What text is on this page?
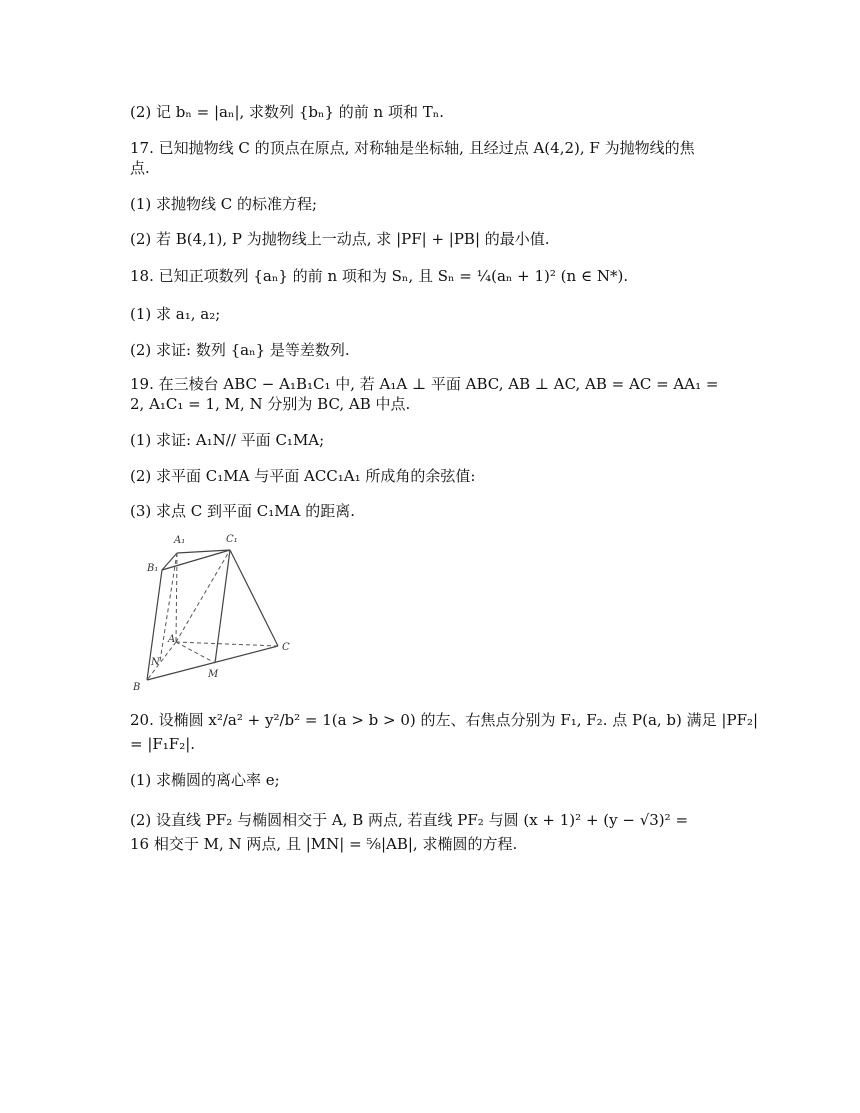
(2) 记 bₙ = |aₙ|, 求数列 {bₙ} 的前 n 项和 Tₙ.
17. 已知抛物线 C 的顶点在原点, 对称轴是坐标轴, 且经过点 A(4,2), F 为抛物线的焦
点.
(1) 求抛物线 C 的标准方程;
(2) 若 B(4,1), P 为抛物线上一动点, 求 |PF| + |PB| 的最小值.
18. 已知正项数列 {aₙ} 的前 n 项和为 Sₙ, 且 Sₙ = ¼(aₙ + 1)² (n ∈ N*).
(1) 求 a₁, a₂;
(2) 求证: 数列 {aₙ} 是等差数列.
19. 在三棱台 ABC − A₁B₁C₁ 中, 若 A₁A ⊥ 平面 ABC, AB ⊥ AC, AB = AC = AA₁ =
2, A₁C₁ = 1, M, N 分别为 BC, AB 中点.
(1) 求证: A₁N// 平面 C₁MA;
(2) 求平面 C₁MA 与平面 ACC₁A₁ 所成角的余弦值:
(3) 求点 C 到平面 C₁MA 的距离.
A₁	C₁
B₁
A
C
N
M
B
20. 设椭圆 x²/a² + y²/b² = 1(a > b > 0) 的左、右焦点分别为 F₁, F₂. 点 P(a, b) 满足 |PF₂|
= |F₁F₂|.
(1) 求椭圆的离心率 e;
(2) 设直线 PF₂ 与椭圆相交于 A, B 两点, 若直线 PF₂ 与圆 (x + 1)² + (y − √3)² =
16 相交于 M, N 两点, 且 |MN| = ⅝|AB|, 求椭圆的方程.
